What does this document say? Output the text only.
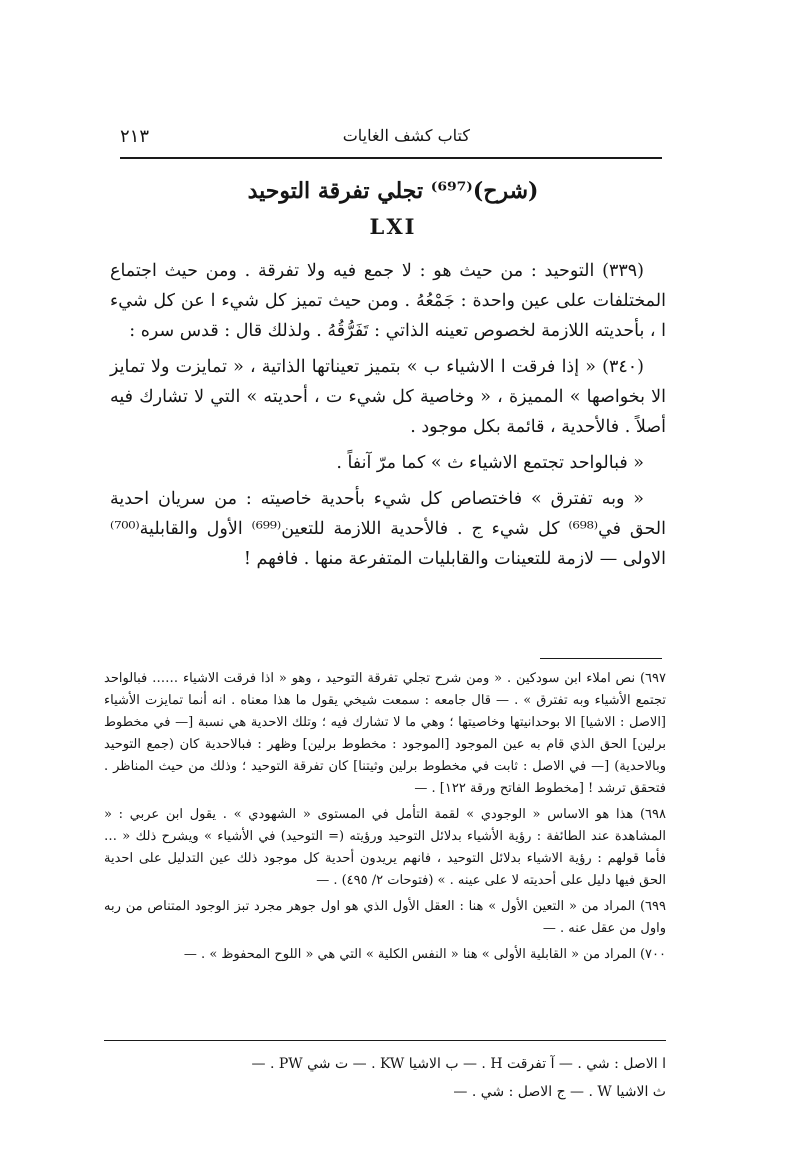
كتاب كشف الغايات
٢١٣
(شرح)⁽⁶⁹⁷⁾ تجلي تفرقة التوحيد
LXI

(٣٣٩) التوحيد : من حيث هو : لا جمع فيه ولا تفرقة . ومن حيث اجتماع المختلفات على عين واحدة : جَمْعُهُ . ومن حيث تميز كل شيء ا عن كل شيء ا ، بأحديته اللازمة لخصوص تعينه الذاتي : تَفَرُّقُهُ . ولذلك قال : قدس سره :

(٣٤٠) « إذا فرقت ا الاشياء ب » بتميز تعيناتها الذاتية ، « تمايزت ولا تمايز الا بخواصها » المميزة ، « وخاصية كل شيء ت ، أحديته » التي لا تشارك فيه أصلاً . فالأحدية ، قائمة بكل موجود .

« فبالواحد تجتمع الاشياء ث » كما مرّ آنفاً .

« وبه تفترق » فاختصاص كل شيء بأحدية خاصيته : من سريان احدية الحق في⁽⁶⁹⁸⁾ كل شيء ج . فالأحدية اللازمة للتعين⁽⁶⁹⁹⁾ الأول والقابلية⁽⁷⁰⁰⁾ الاولى — لازمة للتعينات والقابليات المتفرعة منها . فافهم !

٦٩٧) نص املاء ابن سودكين . « ومن شرح تجلي تفرقة التوحيد ، وهو « اذا فرقت الاشياء …… فبالواحد تجتمع الأشياء وبه تفترق » . — قال جامعه : سمعت شيخي يقول ما هذا معناه . انه أنما تمايزت الأشياء [الاصل : الاشيا] الا بوحدانيتها وخاصيتها ؛ وهي ما لا تشارك فيه ؛ وتلك الاحدية هي نسبة [— في مخطوط برلين] الحق الذي قام به عين الموجود [الموجود : مخطوط برلين] وظهر : فبالاحدية كان (جمع التوحيد وبالاحدية) [— في الاصل : ثابت في مخطوط برلين وثيتنا] كان تفرقة التوحيد ؛ وذلك من حيث المناظر . فتحقق ترشد ! [مخطوط الفاتح ورقة ١٢٢] . —

٦٩٨) هذا هو الاساس « الوجودي » لقمة التأمل في المستوى « الشهودي » . يقول ابن عربي : « المشاهدة عند الطائفة : رؤية الأشياء بدلائل التوحيد ورؤيته (= التوحيد) في الأشياء » ويشرح ذلك « … فأما قولهم : رؤية الاشياء بدلائل التوحيد ، فانهم يريدون أحدية كل موجود ذلك عين التدليل على احدية الحق فيها دليل على أحديته لا على عينه . » (فتوحات ٢/ ٤٩٥) . —

٦٩٩) المراد من « التعين الأول » هنا : العقل الأول الذي هو اول جوهر مجرد تبز الوجود المتناص من ربه واول من عقل عنه . —

٧٠٠) المراد من « القابلية الأولى » هنا « النفس الكلية » التي هي « اللوح المحفوظ » . —

ا الاصل : شي . — آ تفرقت H . — ب الاشيا KW . — ت شي PW . —

ث الاشيا W . — ج الاصل : شي . —
